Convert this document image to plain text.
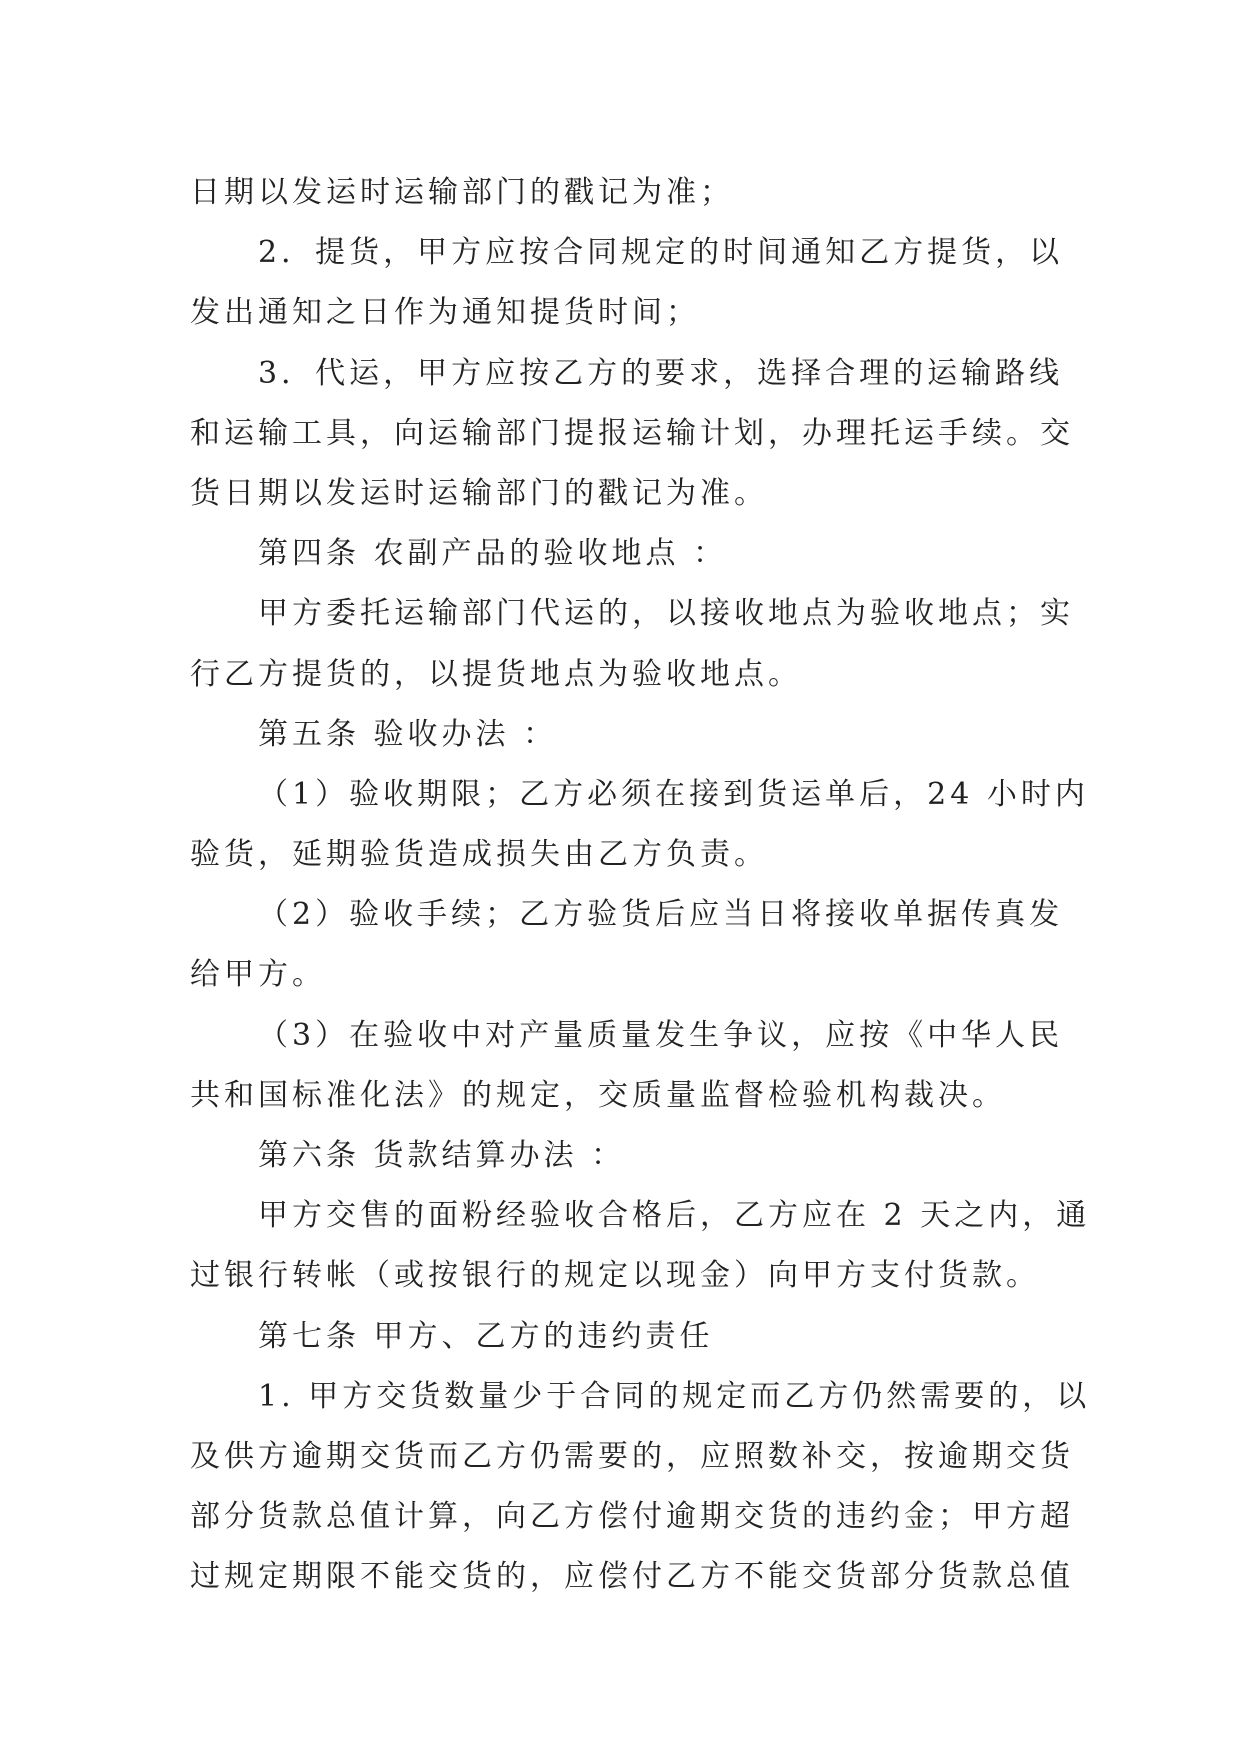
日期以发运时运输部门的戳记为准；
2 ． 提 货 ， 甲 方 应 按 合 同 规 定 的 时 间 通 知 乙 方 提 货 ， 以
发出通知之日作为通知提货时间；
3 ． 代 运 ， 甲 方 应 按 乙 方 的 要 求 ， 选 择 合 理 的 运 输 路 线
和 运 输 工 具 ， 向 运 输 部 门 提 报 运 输 计 划 ， 办 理 托 运 手 续 。 交
货日期以发运时运输部门的戳记为准。
第四条 农副产品的验收地点 ：
甲 方 委 托 运 输 部 门 代 运 的 ， 以 接 收 地 点 为 验 收 地 点 ； 实
行乙方提货的，以提货地点为验收地点。
第五条 验收办法 ：
（ 1 ） 验 收 期 限 ； 乙 方 必 须 在 接 到 货 运 单 后 ， 2 4
小 时 内
验货，延期验货造成损失由乙方负责。
（ 2 ） 验 收 手 续 ； 乙 方 验 货 后 应 当 日 将 接 收 单 据 传 真 发
给甲方。
（ 3 ） 在 验 收 中 对 产 量 质 量 发 生 争 议 ， 应 按 《 中 华 人 民
共和国标准化法》的规定，交质量监督检验机构裁决。
第六条 货款结算办法 ：
甲 方 交 售 的 面 粉 经 验 收 合 格 后 ， 乙 方 应 在
2
天 之 内 ， 通
过银行转帐（或按银行的规定以现金）向甲方支付货款。
第七条 甲方、乙方的违约责任
1 .
甲 方 交 货 数 量 少 于 合 同 的 规 定 而 乙 方 仍 然 需 要 的 ， 以
及 供 方 逾 期 交 货 而 乙 方 仍 需 要 的 ， 应 照 数 补 交 ， 按 逾 期 交 货
部 分 货 款 总 值 计 算 ， 向 乙 方 偿 付 逾 期 交 货 的 违 约 金 ； 甲 方 超
过 规 定 期 限 不 能 交 货 的 ， 应 偿 付 乙 方 不 能 交 货 部 分 货 款 总 值
